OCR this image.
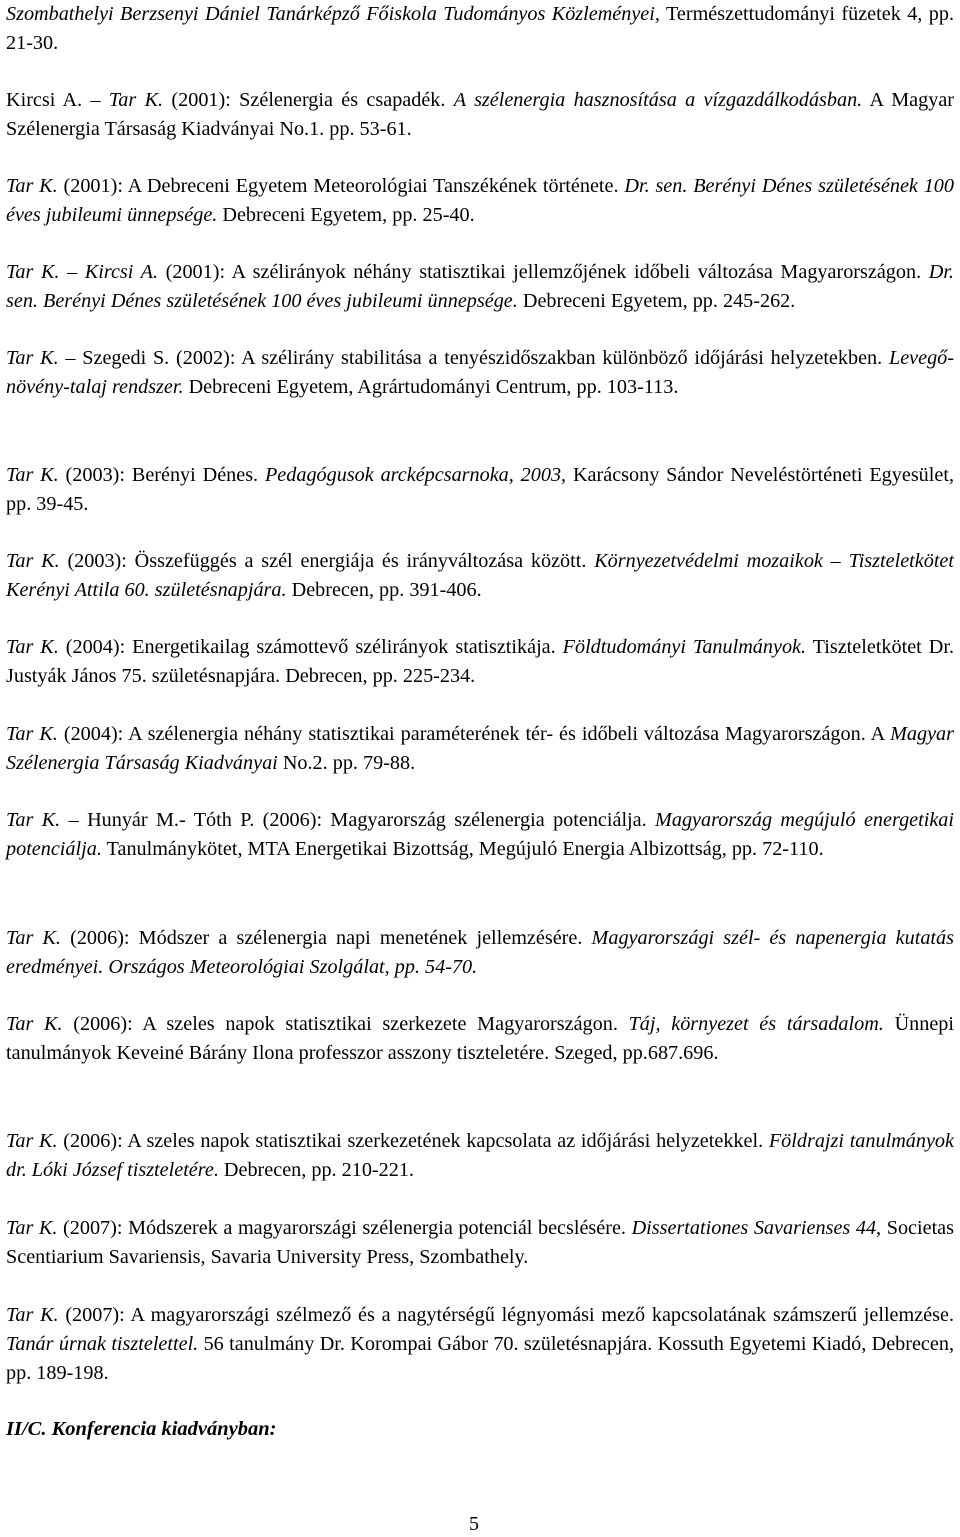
Szombathelyi Berzsenyi Dániel Tanárképző Főiskola Tudományos Közleményei, Természettudományi füzetek 4, pp. 21-30.
Kircsi A. – Tar K. (2001): Szélenergia és csapadék. A szélenergia hasznosítása a vízgazdálkodásban. A Magyar Szélenergia Társaság Kiadványai No.1. pp. 53-61.
Tar K. (2001): A Debreceni Egyetem Meteorológiai Tanszékének története. Dr. sen. Berényi Dénes születésének 100 éves jubileumi ünnepsége. Debreceni Egyetem, pp. 25-40.
Tar K. – Kircsi A. (2001): A szélirányok néhány statisztikai jellemzőjének időbeli változása Magyarországon. Dr. sen. Berényi Dénes születésének 100 éves jubileumi ünnepsége. Debreceni Egyetem, pp. 245-262.
Tar K. – Szegedi S. (2002): A szélirány stabilitása a tenyészidőszakban különböző időjárási helyzetekben. Levegő-növény-talaj rendszer. Debreceni Egyetem, Agrártudományi Centrum, pp. 103-113.
Tar K. (2003): Berényi Dénes. Pedagógusok arcképcsarnoka, 2003, Karácsony Sándor Neveléstörténeti Egyesület, pp. 39-45.
Tar K. (2003): Összefüggés a szél energiája és irányváltozása között. Környezetvédelmi mozaikok – Tiszteletkötet Kerényi Attila 60. születésnapjára. Debrecen, pp. 391-406.
Tar K. (2004): Energetikailag számottevő szélirányok statisztikája. Földtudományi Tanulmányok. Tiszteletkötet Dr. Justyák János 75. születésnapjára. Debrecen, pp. 225-234.
Tar K. (2004): A szélenergia néhány statisztikai paraméterének tér- és időbeli változása Magyarországon. A Magyar Szélenergia Társaság Kiadványai No.2. pp. 79-88.
Tar K. – Hunyár M.- Tóth P. (2006): Magyarország szélenergia potenciálja. Magyarország megújuló energetikai potenciálja. Tanulmánykötet, MTA Energetikai Bizottság, Megújuló Energia Albizottság, pp. 72-110.
Tar K. (2006): Módszer a szélenergia napi menetének jellemzésére. Magyarországi szél- és napenergia kutatás eredményei. Országos Meteorológiai Szolgálat, pp. 54-70.
Tar K. (2006): A szeles napok statisztikai szerkezete Magyarországon. Táj, környezet és társadalom. Ünnepi tanulmányok Keveiné Bárány Ilona professzor asszony tiszteletére. Szeged, pp.687.696.
Tar K. (2006): A szeles napok statisztikai szerkezetének kapcsolata az időjárási helyzetekkel. Földrajzi tanulmányok dr. Lóki József tiszteletére. Debrecen, pp. 210-221.
Tar K. (2007): Módszerek a magyarországi szélenergia potenciál becslésére. Dissertationes Savarienses 44, Societas Scentiarium Savariensis, Savaria University Press, Szombathely.
Tar K. (2007): A magyarországi szélmező és a nagytérségű légnyomási mező kapcsolatának számszerű jellemzése. Tanár úrnak tisztelettel. 56 tanulmány Dr. Korompai Gábor 70. születésnapjára. Kossuth Egyetemi Kiadó, Debrecen, pp. 189-198.
II/C. Konferencia kiadványban:
5
